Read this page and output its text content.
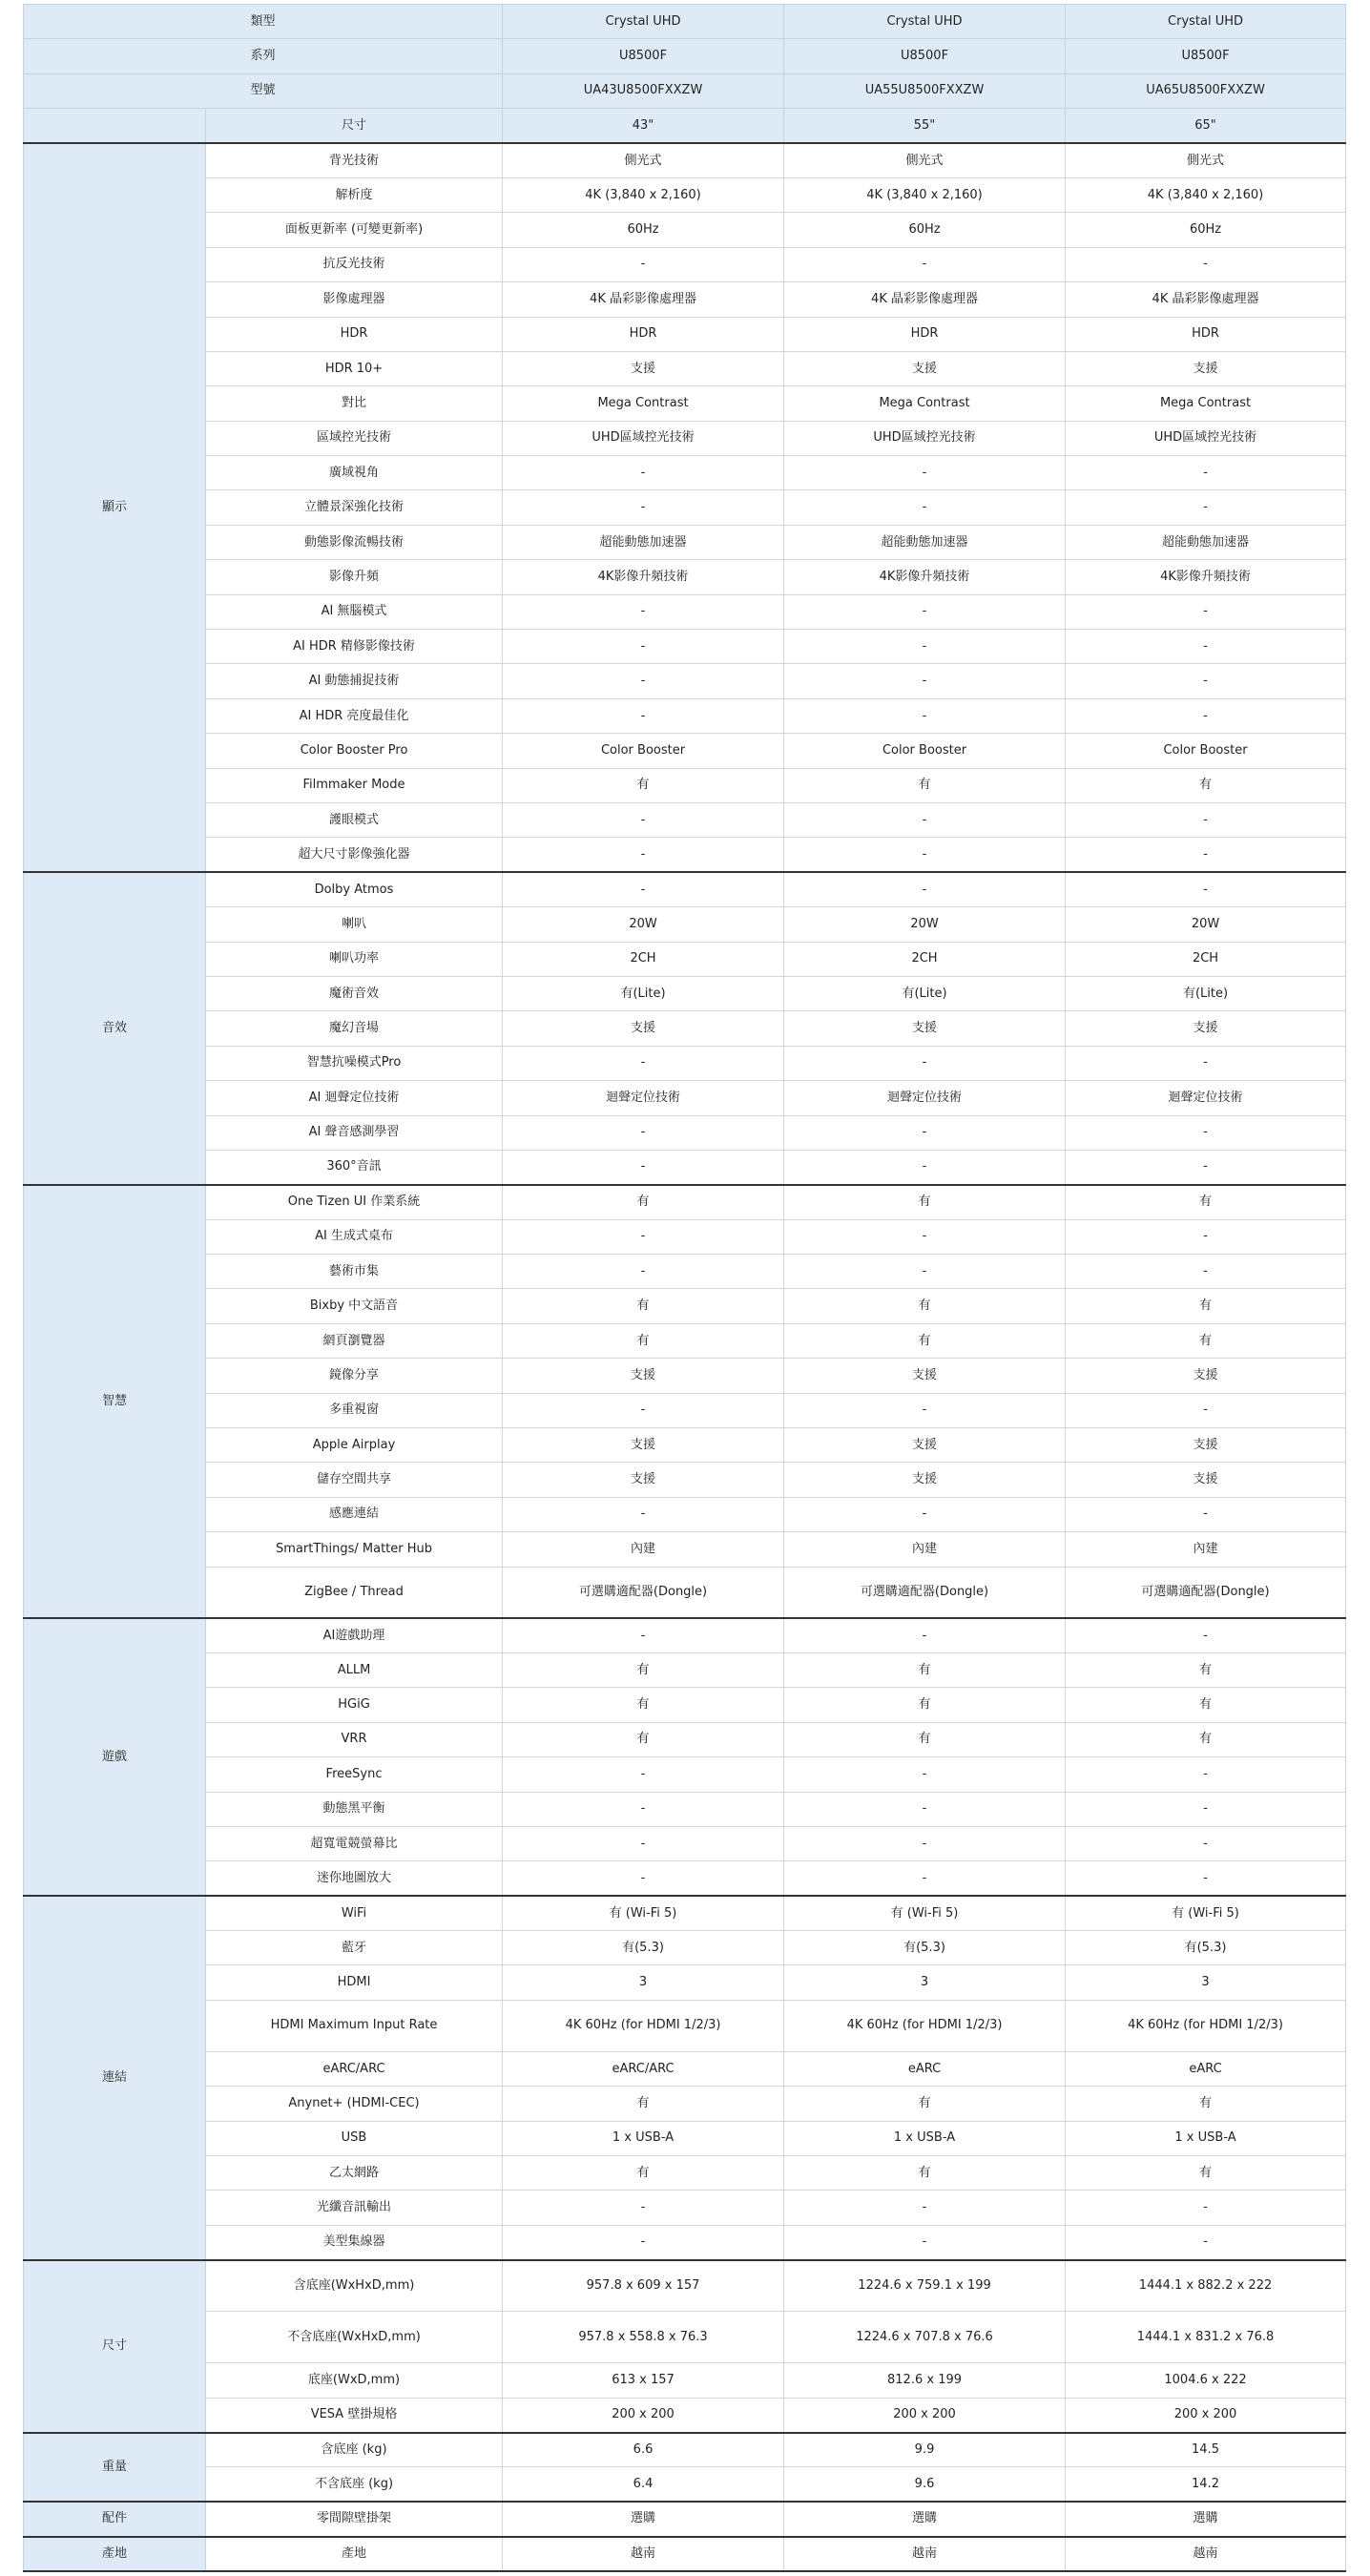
類型		Crystal UHD	Crystal UHD	Crystal UHD
系列		U8500F	U8500F	U8500F
型號		UA43U8500FXXZW	UA55U8500FXXZW	UA65U8500FXXZW
	尺寸	43"	55"	65"
顯示	背光技術	側光式	側光式	側光式
	解析度	4K (3,840 x 2,160)	4K (3,840 x 2,160)	4K (3,840 x 2,160)
	面板更新率 (可變更新率)	60Hz	60Hz	60Hz
	抗反光技術	-	-	-
	影像處理器	4K 晶彩影像處理器	4K 晶彩影像處理器	4K 晶彩影像處理器
	HDR	HDR	HDR	HDR
	HDR 10+	支援	支援	支援
	對比	Mega Contrast	Mega Contrast	Mega Contrast
	區域控光技術	UHD區域控光技術	UHD區域控光技術	UHD區域控光技術
	廣域視角	-	-	-
	立體景深強化技術	-	-	-
	動態影像流暢技術	超能動態加速器	超能動態加速器	超能動態加速器
	影像升頻	4K影像升頻技術	4K影像升頻技術	4K影像升頻技術
	AI 無腦模式	-	-	-
	AI HDR 精修影像技術	-	-	-
	AI 動態捕捉技術	-	-	-
	AI HDR 亮度最佳化	-	-	-
	Color Booster Pro	Color Booster	Color Booster	Color Booster
	Filmmaker Mode	有	有	有
	護眼模式	-	-	-
	超大尺寸影像強化器	-	-	-
音效	Dolby Atmos	-	-	-
	喇叭	20W	20W	20W
	喇叭功率	2CH	2CH	2CH
	魔術音效	有(Lite)	有(Lite)	有(Lite)
	魔幻音場	支援	支援	支援
	智慧抗噪模式Pro	-	-	-
	AI 迴聲定位技術	迴聲定位技術	迴聲定位技術	迴聲定位技術
	AI 聲音感測學習	-	-	-
	360°音訊	-	-	-
智慧	One Tizen UI 作業系統	有	有	有
	AI 生成式桌布	-	-	-
	藝術市集	-	-	-
	Bixby 中文語音	有	有	有
	網頁瀏覽器	有	有	有
	鏡像分享	支援	支援	支援
	多重視窗	-	-	-
	Apple Airplay	支援	支援	支援
	儲存空間共享	支援	支援	支援
	感應連結	-	-	-
	SmartThings/ Matter Hub	內建	內建	內建
	ZigBee / Thread	可選購適配器(Dongle)	可選購適配器(Dongle)	可選購適配器(Dongle)
遊戲	AI遊戲助理	-	-	-
	ALLM	有	有	有
	HGiG	有	有	有
	VRR	有	有	有
	FreeSync	-	-	-
	動態黑平衡	-	-	-
	超寬電競螢幕比	-	-	-
	迷你地圖放大	-	-	-
連結	WiFi	有 (Wi-Fi 5)	有 (Wi-Fi 5)	有 (Wi-Fi 5)
	藍牙	有(5.3)	有(5.3)	有(5.3)
	HDMI	3	3	3
	HDMI Maximum Input Rate	4K 60Hz (for HDMI 1/2/3)	4K 60Hz (for HDMI 1/2/3)	4K 60Hz (for HDMI 1/2/3)
	eARC/ARC	eARC/ARC	eARC	eARC
	Anynet+ (HDMI-CEC)	有	有	有
	USB	1 x USB-A	1 x USB-A	1 x USB-A
	乙太網路	有	有	有
	光纖音訊輸出	-	-	-
	美型集線器	-	-	-
尺寸	含底座(WxHxD,mm)	957.8 x 609 x 157	1224.6 x 759.1 x 199	1444.1 x 882.2 x 222
	不含底座(WxHxD,mm)	957.8 x 558.8 x 76.3	1224.6 x 707.8 x 76.6	1444.1 x 831.2 x 76.8
	底座(WxD,mm)	613 x 157	812.6 x 199	1004.6 x 222
	VESA 壁掛規格	200 x 200	200 x 200	200 x 200
重量	含底座 (kg)	6.6	9.9	14.5
	不含底座 (kg)	6.4	9.6	14.2
配件	零間隙壁掛架	選購	選購	選購
產地	產地	越南	越南	越南
